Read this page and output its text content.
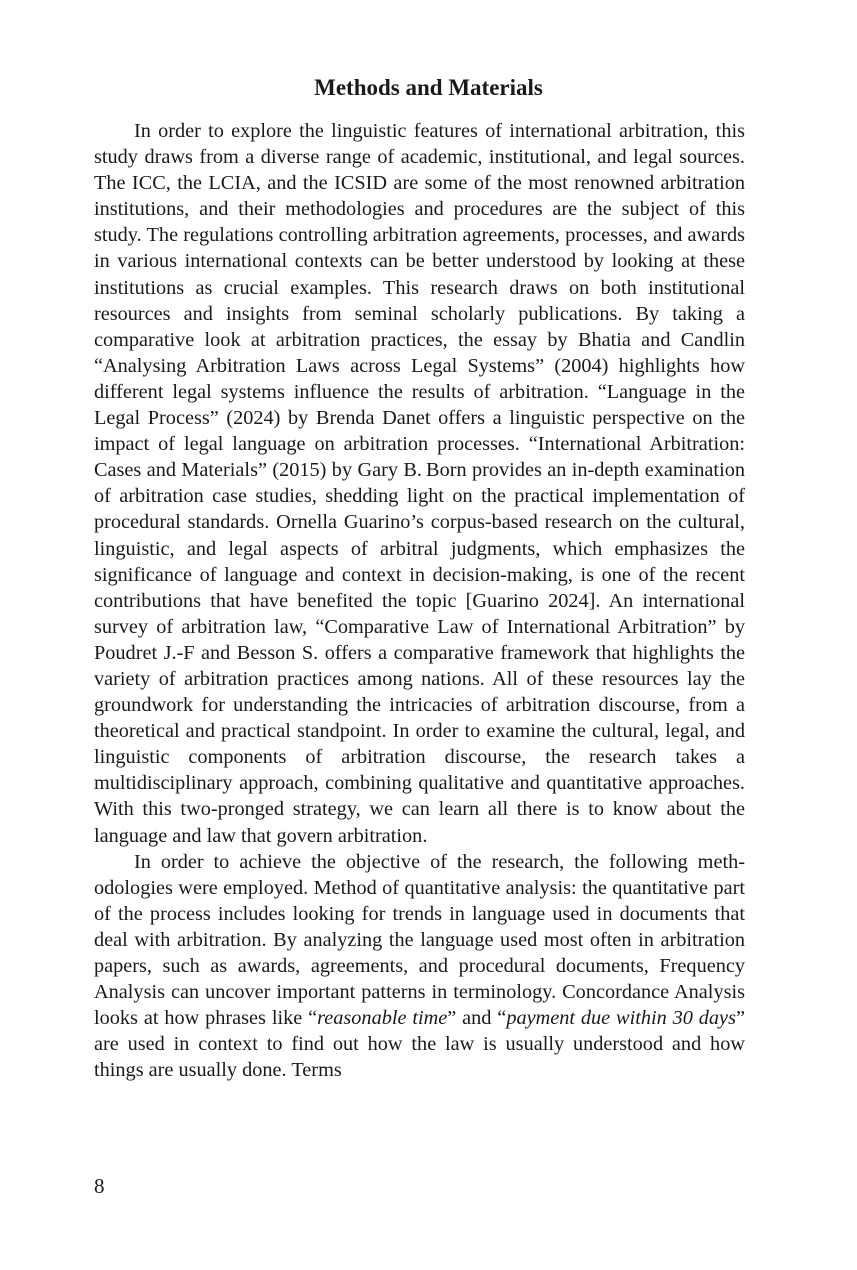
Methods and Materials

In order to explore the linguistic features of international arbitration, this study draws from a diverse range of academic, institutional, and legal sources. The ICC, the LCIA, and the ICSID are some of the most renowned arbitration institutions, and their methodologies and procedures are the subject of this study. The regulations controlling arbitration agreements, processes, and awards in various international contexts can be better understood by looking at these institutions as crucial examples. This research draws on both institutional resources and insights from seminal scholarly publications. By taking a comparative look at arbitration practices, the essay by Bhatia and Candlin “Analysing Arbitration Laws across Legal Systems” (2004) highlights how different legal systems influence the results of arbitration. “Language in the Legal Process” (2024) by Brenda Danet offers a linguistic perspective on the impact of legal language on arbitration processes. “International Arbitration: Cases and Materials” (2015) by Gary B. Born provides an in-depth examination of arbitration case studies, shedding light on the practical implementation of procedural standards. Ornella Guarino’s corpus-based research on the cultural, linguistic, and legal aspects of arbitral judgments, which emphasizes the significance of language and context in decision-making, is one of the recent contributions that have benefited the topic [Guarino 2024]. An international survey of arbitration law, “Comparative Law of International Arbitration” by Poudret J.-F and Besson S. offers a comparative framework that highlights the variety of arbitration practices among nations. All of these resources lay the groundwork for understanding the intricacies of arbitration discourse, from a theoretical and practical standpoint. In order to examine the cultural, legal, and linguistic components of arbitration discourse, the research takes a multidisciplinary approach, combining qualitative and quantitative approaches. With this two-pronged strategy, we can learn all there is to know about the language and law that govern arbitration.

In order to achieve the objective of the research, the following methodologies were employed. Method of quantitative analysis: the quantitative part of the process includes looking for trends in language used in documents that deal with arbitration. By analyzing the language used most often in arbitration papers, such as awards, agreements, and procedural documents, Frequency Analysis can uncover important patterns in terminology. Concordance Analysis looks at how phrases like “reasonable time” and “payment due within 30 days” are used in context to find out how the law is usually understood and how things are usually done. Terms

8
